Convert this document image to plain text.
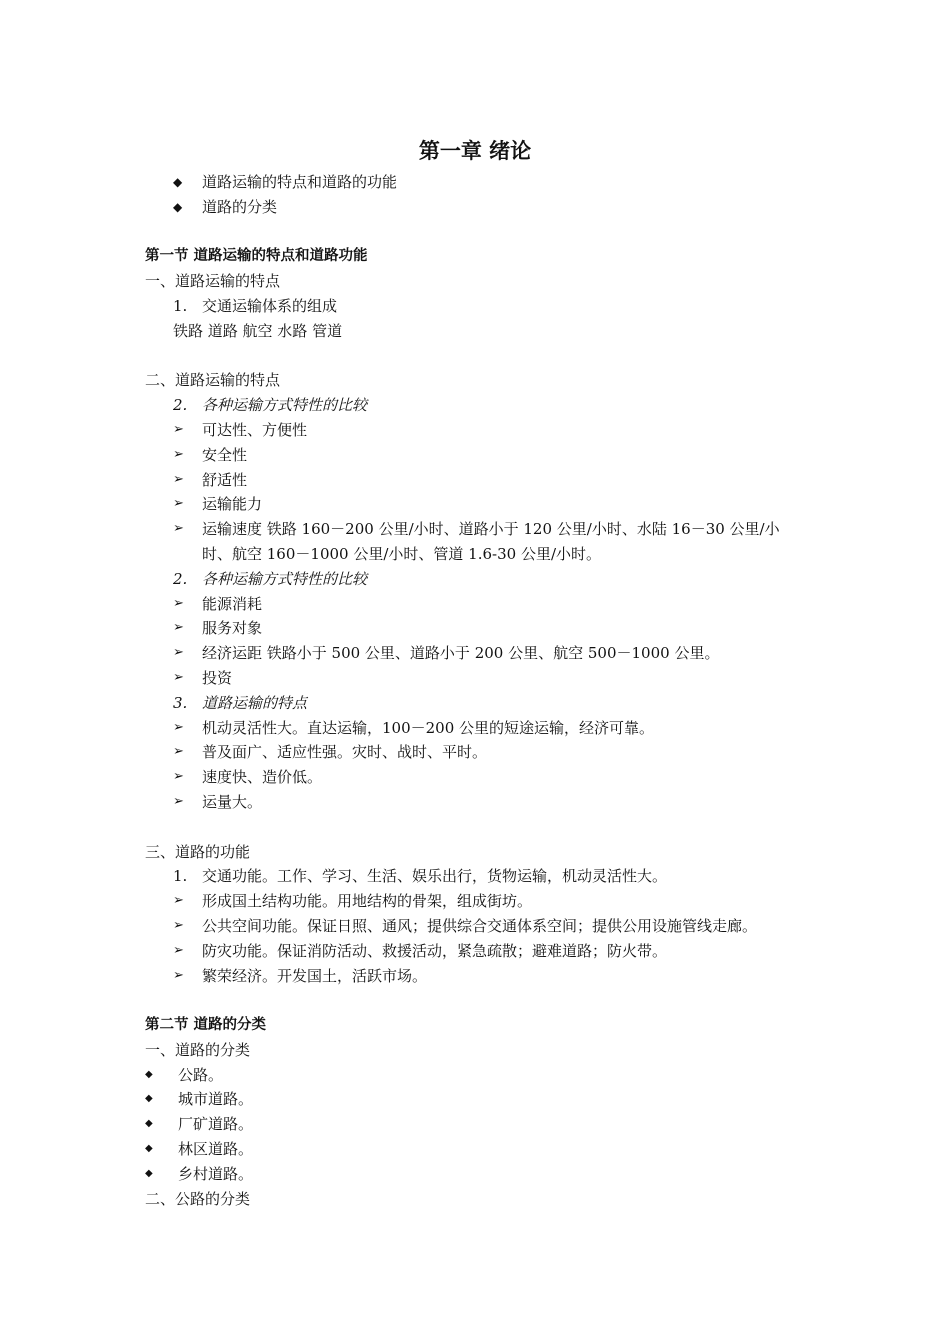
第一章 绪论
◆	道路运输的特点和道路的功能
◆	道路的分类
第一节 道路运输的特点和道路功能
一、道路运输的特点
1. 交通运输体系的组成
铁路 道路 航空 水路 管道
二、道路运输的特点
2. 各种运输方式特性的比较
➢	可达性、方便性
➢	安全性
➢	舒适性
➢	运输能力
➢	运输速度 铁路 160－200 公里/小时、道路小于 120 公里/小时、水陆 16－30 公里/小
时、航空 160－1000 公里/小时、管道 1.6-30 公里/小时。
2. 各种运输方式特性的比较
➢	能源消耗
➢	服务对象
➢	经济运距 铁路小于 500 公里、道路小于 200 公里、航空 500－1000 公里。
➢	投资
3. 道路运输的特点
➢	机动灵活性大。直达运输，100－200 公里的短途运输，经济可靠。
➢	普及面广、适应性强。灾时、战时、平时。
➢	速度快、造价低。
➢	运量大。
三、道路的功能
1. 交通功能。工作、学习、生活、娱乐出行，货物运输，机动灵活性大。
➢	形成国土结构功能。用地结构的骨架，组成街坊。
➢	公共空间功能。保证日照、通风；提供综合交通体系空间；提供公用设施管线走廊。
➢	防灾功能。保证消防活动、救援活动，紧急疏散；避难道路；防火带。
➢	繁荣经济。开发国土，活跃市场。
第二节 道路的分类
一、道路的分类
◆	公路。
◆	城市道路。
◆	厂矿道路。
◆	林区道路。
◆	乡村道路。
二、公路的分类
